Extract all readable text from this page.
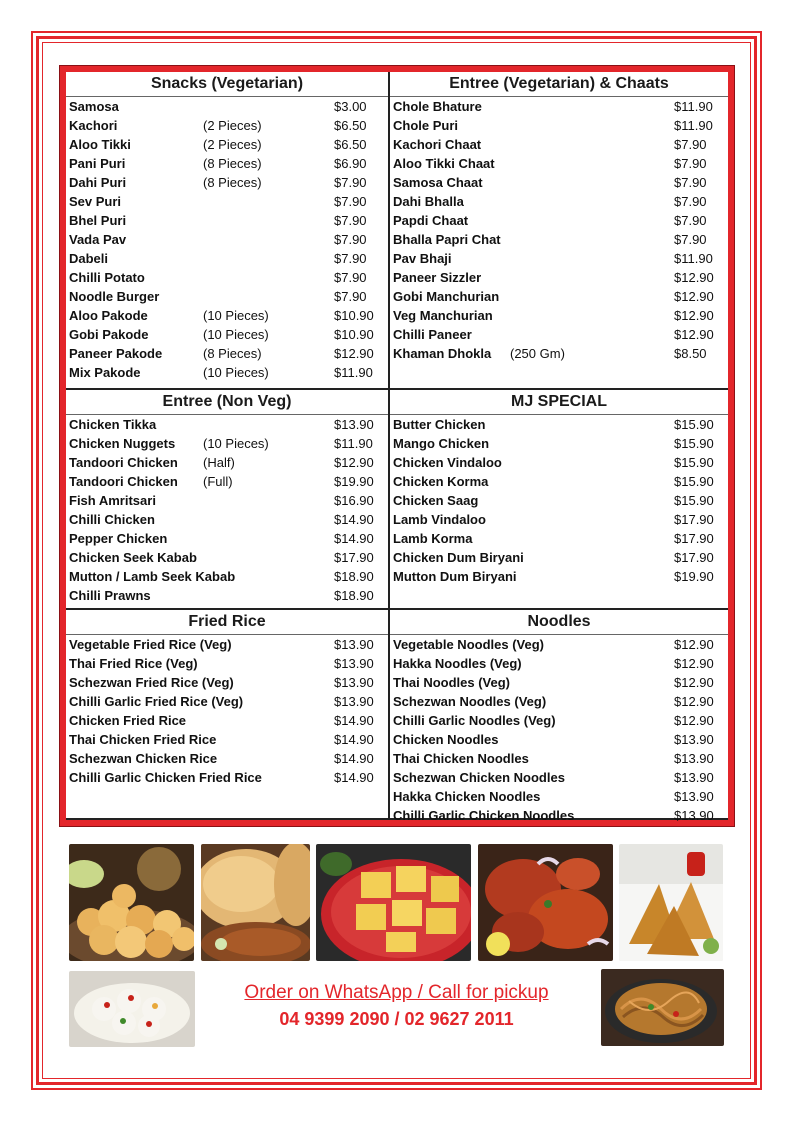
Snacks (Vegetarian)
Samosa	$3.00
Kachori	(2 Pieces)	$6.50
Aloo Tikki	(2 Pieces)	$6.50
Pani Puri	(8 Pieces)	$6.90
Dahi Puri	(8 Pieces)	$7.90
Sev Puri	$7.90
Bhel Puri	$7.90
Vada Pav	$7.90
Dabeli	$7.90
Chilli Potato	$7.90
Noodle Burger	$7.90
Aloo Pakode	(10 Pieces)	$10.90
Gobi Pakode	(10 Pieces)	$10.90
Paneer Pakode	(8 Pieces)	$12.90
Mix Pakode	(10 Pieces)	$11.90
Entree (Vegetarian) & Chaats
Chole Bhature	$11.90
Chole Puri	$11.90
Kachori Chaat	$7.90
Aloo Tikki Chaat	$7.90
Samosa Chaat	$7.90
Dahi Bhalla	$7.90
Papdi Chaat	$7.90
Bhalla Papri Chat	$7.90
Pav Bhaji	$11.90
Paneer Sizzler	$12.90
Gobi Manchurian	$12.90
Veg Manchurian	$12.90
Chilli Paneer	$12.90
Khaman Dhokla (250 Gm)	$8.50
Entree (Non Veg)
Chicken Tikka	$13.90
Chicken Nuggets (10 Pieces)	$11.90
Tandoori Chicken (Half)	$12.90
Tandoori Chicken (Full)	$19.90
Fish Amritsari	$16.90
Chilli Chicken	$14.90
Pepper Chicken	$14.90
Chicken Seek Kabab	$17.90
Mutton / Lamb Seek Kabab	$18.90
Chilli Prawns	$18.90
MJ SPECIAL
Butter Chicken	$15.90
Mango Chicken	$15.90
Chicken Vindaloo	$15.90
Chicken Korma	$15.90
Chicken Saag	$15.90
Lamb Vindaloo	$17.90
Lamb Korma	$17.90
Chicken Dum Biryani	$17.90
Mutton Dum Biryani	$19.90
Fried Rice
Vegetable Fried Rice (Veg)	$13.90
Thai Fried Rice (Veg)	$13.90
Schezwan Fried Rice (Veg)	$13.90
Chilli Garlic Fried Rice (Veg)	$13.90
Chicken Fried Rice	$14.90
Thai Chicken Fried Rice	$14.90
Schezwan Chicken Rice	$14.90
Chilli Garlic Chicken Fried Rice	$14.90
Noodles
Vegetable Noodles (Veg)	$12.90
Hakka Noodles (Veg)	$12.90
Thai Noodles (Veg)	$12.90
Schezwan Noodles (Veg)	$12.90
Chilli Garlic Noodles (Veg)	$12.90
Chicken Noodles	$13.90
Thai Chicken Noodles	$13.90
Schezwan Chicken Noodles	$13.90
Hakka Chicken Noodles	$13.90
Chilli Garlic Chicken Noodles	$13.90
Order on WhatsApp / Call for pickup
04 9399 2090 / 02 9627 2011
